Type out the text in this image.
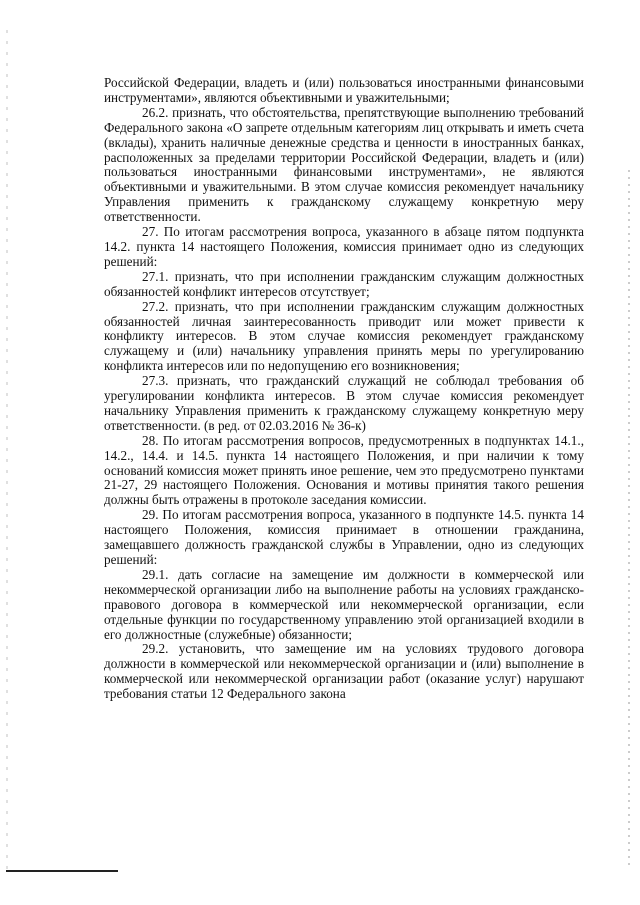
Российской Федерации, владеть и (или) пользоваться иностранными финансовыми инструментами», являются объективными и уважительными;

26.2. признать, что обстоятельства, препятствующие выполнению требований Федерального закона «О запрете отдельным категориям лиц открывать и иметь счета (вклады), хранить наличные денежные средства и ценности в иностранных банках, расположенных за пределами территории Российской Федерации, владеть и (или) пользоваться иностранными финансовыми инструментами», не являются объективными и уважительными. В этом случае комиссия рекомендует начальнику Управления применить к гражданскому служащему конкретную меру ответственности.

27. По итогам рассмотрения вопроса, указанного в абзаце пятом подпункта 14.2. пункта 14 настоящего Положения, комиссия принимает одно из следующих решений:

27.1. признать, что при исполнении гражданским служащим должностных обязанностей конфликт интересов отсутствует;

27.2. признать, что при исполнении гражданским служащим должностных обязанностей личная заинтересованность приводит или может привести к конфликту интересов. В этом случае комиссия рекомендует гражданскому служащему и (или) начальнику управления принять меры по урегулированию конфликта интересов или по недопущению его возникновения;

27.3. признать, что гражданский служащий не соблюдал требования об урегулировании конфликта интересов. В этом случае комиссия рекомендует начальнику Управления применить к гражданскому служащему конкретную меру ответственности. (в ред. от 02.03.2016 № 36-к)

28. По итогам рассмотрения вопросов, предусмотренных в подпунктах 14.1., 14.2., 14.4. и 14.5. пункта 14 настоящего Положения, и при наличии к тому оснований комиссия может принять иное решение, чем это предусмотрено пунктами 21-27, 29 настоящего Положения. Основания и мотивы принятия такого решения должны быть отражены в протоколе заседания комиссии.

29. По итогам рассмотрения вопроса, указанного в подпункте 14.5. пункта 14 настоящего Положения, комиссия принимает в отношении гражданина, замещавшего должность гражданской службы в Управлении, одно из следующих решений:

29.1. дать согласие на замещение им должности в коммерческой или некоммерческой организации либо на выполнение работы на условиях гражданско-правового договора в коммерческой или некоммерческой организации, если отдельные функции по государственному управлению этой организацией входили в его должностные (служебные) обязанности;

29.2. установить, что замещение им на условиях трудового договора должности в коммерческой или некоммерческой организации и (или) выполнение в коммерческой или некоммерческой организации работ (оказание услуг) нарушают требования статьи 12 Федерального закона
